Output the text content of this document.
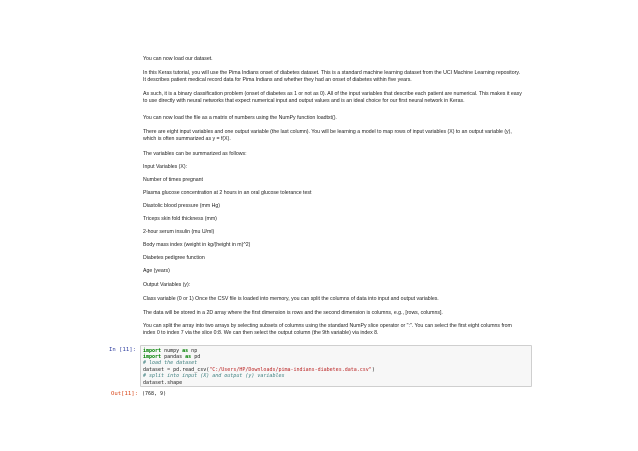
You can now load our dataset.

In this Keras tutorial, you will use the Pima Indians onset of diabetes dataset. This is a standard machine learning dataset from the UCI Machine Learning repository. It describes patient medical record data for Pima Indians and whether they had an onset of diabetes within five years.

As such, it is a binary classification problem (onset of diabetes as 1 or not as 0). All of the input variables that describe each patient are numerical. This makes it easy to use directly with neural networks that expect numerical input and output values and is an ideal choice for our first neural network in Keras.

You can now load the file as a matrix of numbers using the NumPy function loadtxt().

There are eight input variables and one output variable (the last column). You will be learning a model to map rows of input variables (X) to an output variable (y), which is often summarized as y = f(X).

The variables can be summarized as follows:

Input Variables (X):

Number of times pregnant

Plasma glucose concentration at 2 hours in an oral glucose tolerance test

Diastolic blood pressure (mm Hg)

Triceps skin fold thickness (mm)

2-hour serum insulin (mu U/ml)

Body mass index (weight in kg/(height in m)^2)

Diabetes pedigree function

Age (years)

Output Variables (y):

Class variable (0 or 1) Once the CSV file is loaded into memory, you can split the columns of data into input and output variables.

The data will be stored in a 2D array where the first dimension is rows and the second dimension is columns, e.g., [rows, columns].

You can split the array into two arrays by selecting subsets of columns using the standard NumPy slice operator or ":". You can select the first eight columns from index 0 to index 7 via the slice 0:8. We can then select the output column (the 9th variable) via index 8.

In [11]:	import numpy as np
import pandas as pd
# load the dataset
dataset = pd.read_csv("C:/Users/HP/Downloads/pima-indians-diabetes.data.csv")
# split into input (X) and output (y) variables
dataset.shape
Out[11]: (768, 9)
